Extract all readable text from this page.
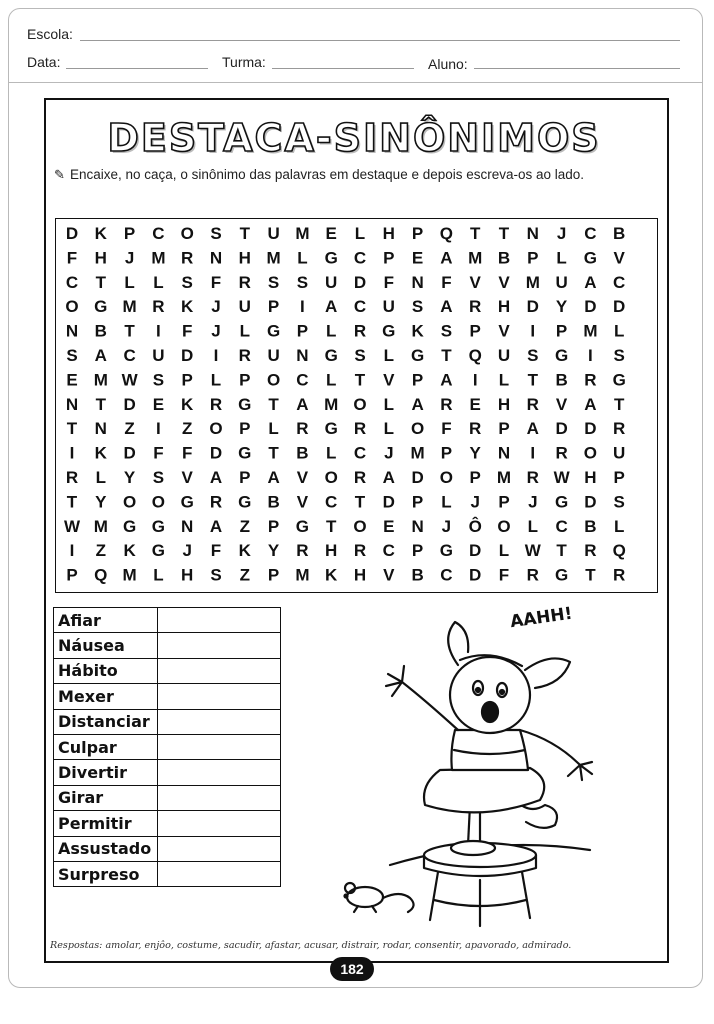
Escola:
Data:	Turma:	Aluno:
DESTACA-SINÔNIMOS
✎ Encaixe, no caça, o sinônimo das palavras em destaque e depois escreva-os ao lado.
D K P C O S T U M E L H P Q T T N J C B
F H J M R N H M L G C P E A M B P L G V
C T L L S F R S S U D F N F V V M U A C
O G M R K J U P I A C U S A R H D Y D D
N B T I F J L G P L R G K S P V I P M L
S A C U D I R U N G S L G T Q U S G I S
E M W S P L P O C L T V P A I L T B R G
N T D E K R G T A M O L A R E H R V A T
T N Z I Z O P L R G R L O F R P A D D R
I K D F F D G T B L C J M P Y N I R O U
R L Y S V A P A V O R A D O P M R W H P
T Y O O G R G B V C T D P L J P J G D S
W M G G N A Z P G T O E N J Ô O L C B L
I Z K G J F K Y R H R C P G D L W T R Q
P Q M L H S Z P M K H V B C D F R G T R
Afiar	
Náusea	
Hábito	
Mexer	
Distanciar	
Culpar	
Divertir	
Girar	
Permitir	
Assustado	
Surpreso	
AAHH!
Respostas: amolar, enjôo, costume, sacudir, afastar, acusar, distrair, rodar, consentir, apavorado, admirado.
182
